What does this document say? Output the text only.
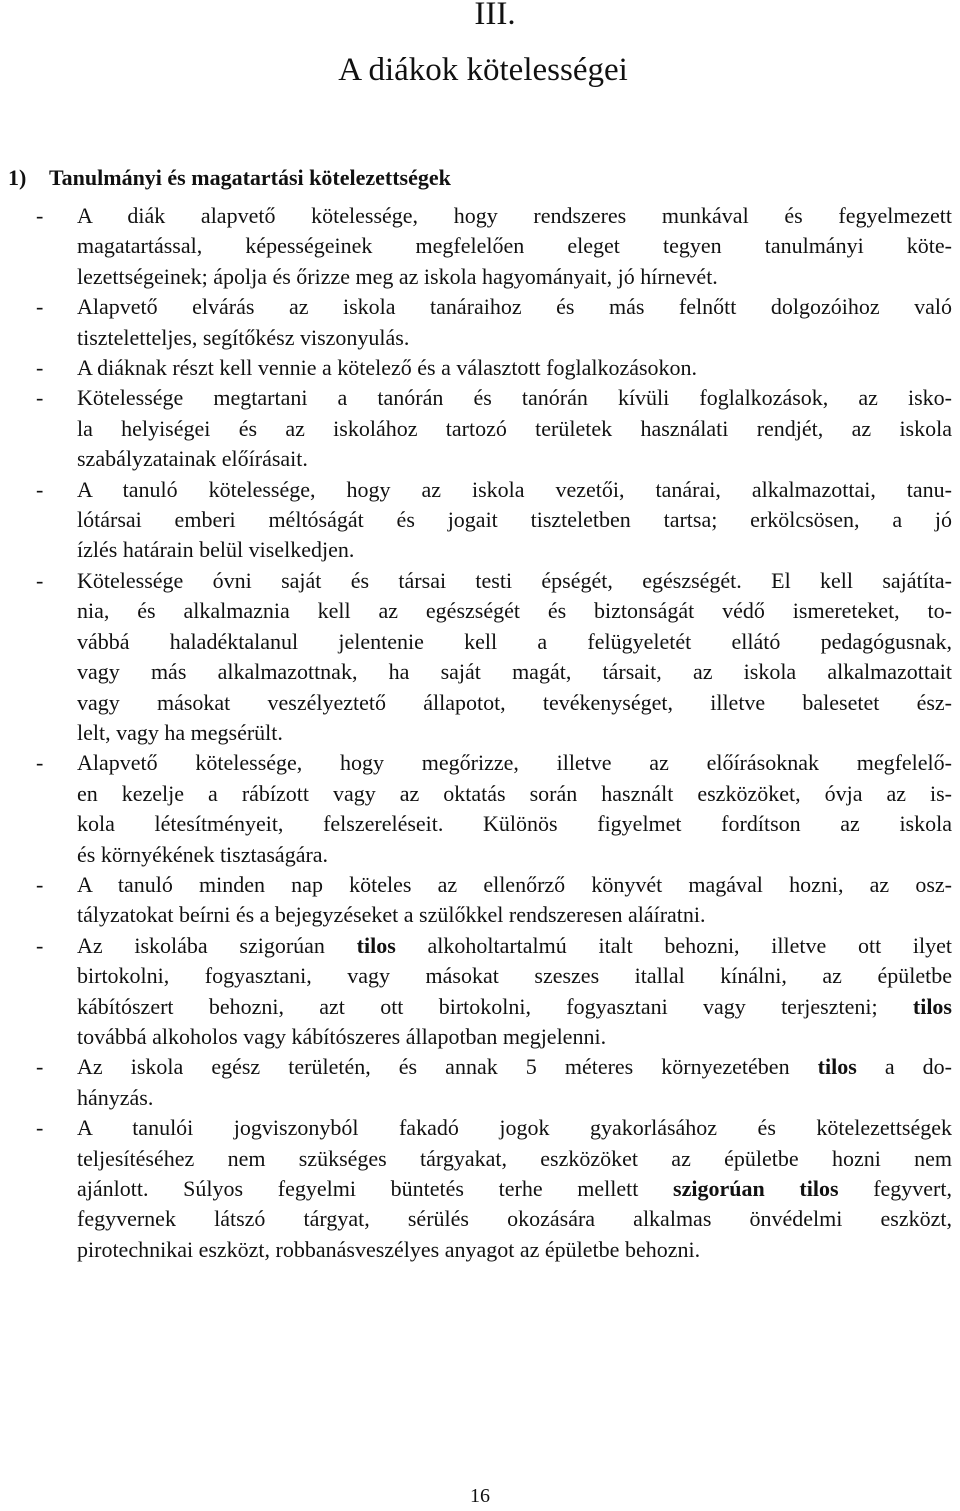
III.
A diákok kötelességei
1) Tanulmányi és magatartási kötelezettségek
- A diák alapvető kötelessége, hogy rendszeres munkával és fegyelmezett
magatartással, képességeinek megfelelően eleget tegyen tanulmányi köte-
lezettségeinek; ápolja és őrizze meg az iskola hagyományait, jó hírnevét.
- Alapvető elvárás az iskola tanáraihoz és más felnőtt dolgozóihoz való
tiszteletteljes, segítőkész viszonyulás.
- A diáknak részt kell vennie a kötelező és a választott foglalkozásokon.
- Kötelessége megtartani a tanórán és tanórán kívüli foglalkozások, az isko-
la helyiségei és az iskolához tartozó területek használati rendjét, az iskola
szabályzatainak előírásait.
- A tanuló kötelessége, hogy az iskola vezetői, tanárai, alkalmazottai, tanu-
lótársai emberi méltóságát és jogait tiszteletben tartsa; erkölcsösen, a jó
ízlés határain belül viselkedjen.
- Kötelessége óvni saját és társai testi épségét, egészségét. El kell sajátíta-
nia, és alkalmaznia kell az egészségét és biztonságát védő ismereteket, to-
vábbá haladéktalanul jelentenie kell a felügyeletét ellátó pedagógusnak,
vagy más alkalmazottnak, ha saját magát, társait, az iskola alkalmazottait
vagy másokat veszélyeztető állapotot, tevékenységet, illetve balesetet ész-
lelt, vagy ha megsérült.
- Alapvető kötelessége, hogy megőrizze, illetve az előírásoknak megfelelő-
en kezelje a rábízott vagy az oktatás során használt eszközöket, óvja az is-
kola létesítményeit, felszereléseit. Különös figyelmet fordítson az iskola
és környékének tisztaságára.
- A tanuló minden nap köteles az ellenőrző könyvét magával hozni, az osz-
tályzatokat beírni és a bejegyzéseket a szülőkkel rendszeresen aláíratni.
- Az iskolába szigorúan tilos alkoholtartalmú italt behozni, illetve ott ilyet
birtokolni, fogyasztani, vagy másokat szeszes itallal kínálni, az épületbe
kábítószert behozni, azt ott birtokolni, fogyasztani vagy terjeszteni; tilos
továbbá alkoholos vagy kábítószeres állapotban megjelenni.
- Az iskola egész területén, és annak 5 méteres környezetében tilos a do-
hányzás.
- A tanulói jogviszonyból fakadó jogok gyakorlásához és kötelezettségek
teljesítéséhez nem szükséges tárgyakat, eszközöket az épületbe hozni nem
ajánlott. Súlyos fegyelmi büntetés terhe mellett szigorúan tilos fegyvert,
fegyvernek látszó tárgyat, sérülés okozására alkalmas önvédelmi eszközt,
pirotechnikai eszközt, robbanásveszélyes anyagot az épületbe behozni.
16
